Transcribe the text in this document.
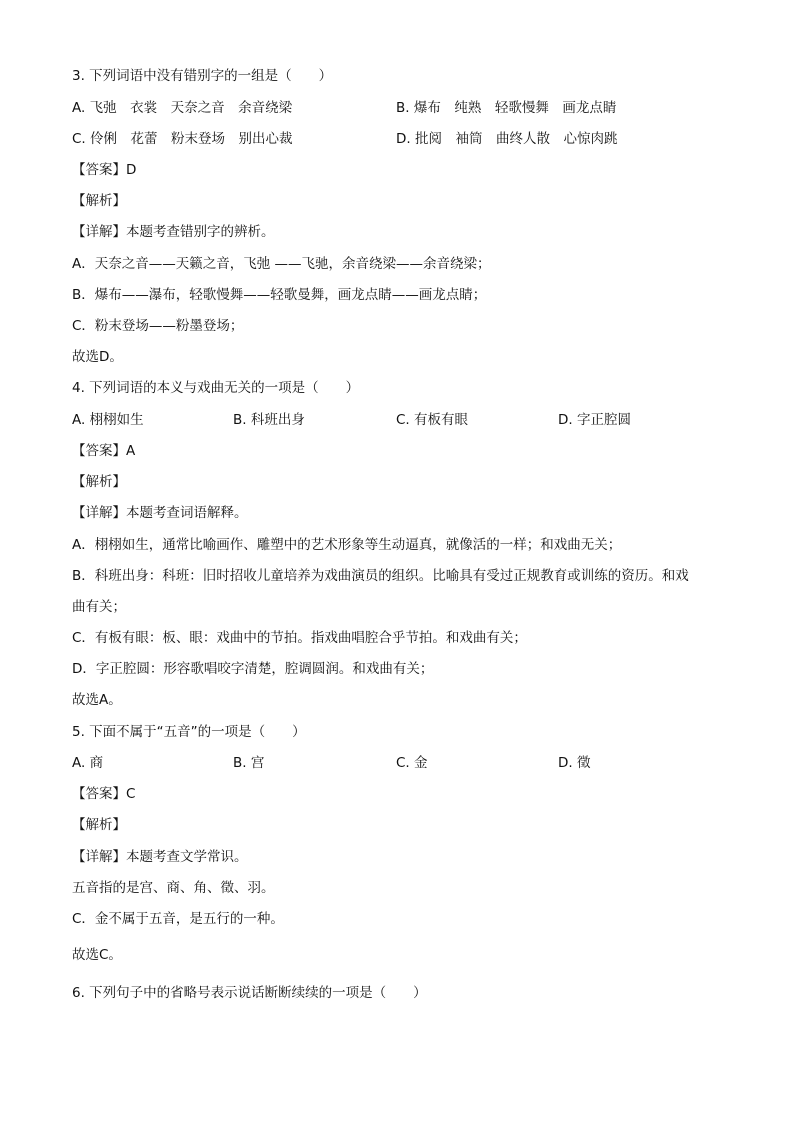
3. 下列词语中没有错别字的一组是（　　）
A. 飞弛　衣裳　天奈之音　余音绕梁	B. 爆布　纯熟　轻歌慢舞　画龙点睛
C. 伶俐　花蕾　粉末登场　别出心裁	D. 批阅　袖筒　曲终人散　心惊肉跳
【答案】D
【解析】
【详解】本题考查错别字的辨析。
A．天奈之音——天籁之音，飞弛 ——飞驰，余音绕梁——余音绕梁；
B．爆布——瀑布，轻歌慢舞——轻歌曼舞，画龙点睛——画龙点睛；
C．粉末登场——粉墨登场；
故选D。
4. 下列词语的本义与戏曲无关的一项是（　　）
A. 栩栩如生	B. 科班出身	C. 有板有眼	D. 字正腔圆
【答案】A
【解析】
【详解】本题考查词语解释。
A．栩栩如生，通常比喻画作、雕塑中的艺术形象等生动逼真，就像活的一样；和戏曲无关；
B．科班出身：科班：旧时招收儿童培养为戏曲演员的组织。比喻具有受过正规教育或训练的资历。和戏
曲有关；
C．有板有眼：板、眼：戏曲中的节拍。指戏曲唱腔合乎节拍。和戏曲有关；
D．字正腔圆：形容歌唱咬字清楚，腔调圆润。和戏曲有关；
故选A。
5. 下面不属于“五音”的一项是（　　）
A. 商	B. 宫	C. 金	D. 徵
【答案】C
【解析】
【详解】本题考查文学常识。
五音指的是宫、商、角、徵、羽。
C．金不属于五音，是五行的一种。
故选C。
6. 下列句子中的省略号表示说话断断续续的一项是（　　）
